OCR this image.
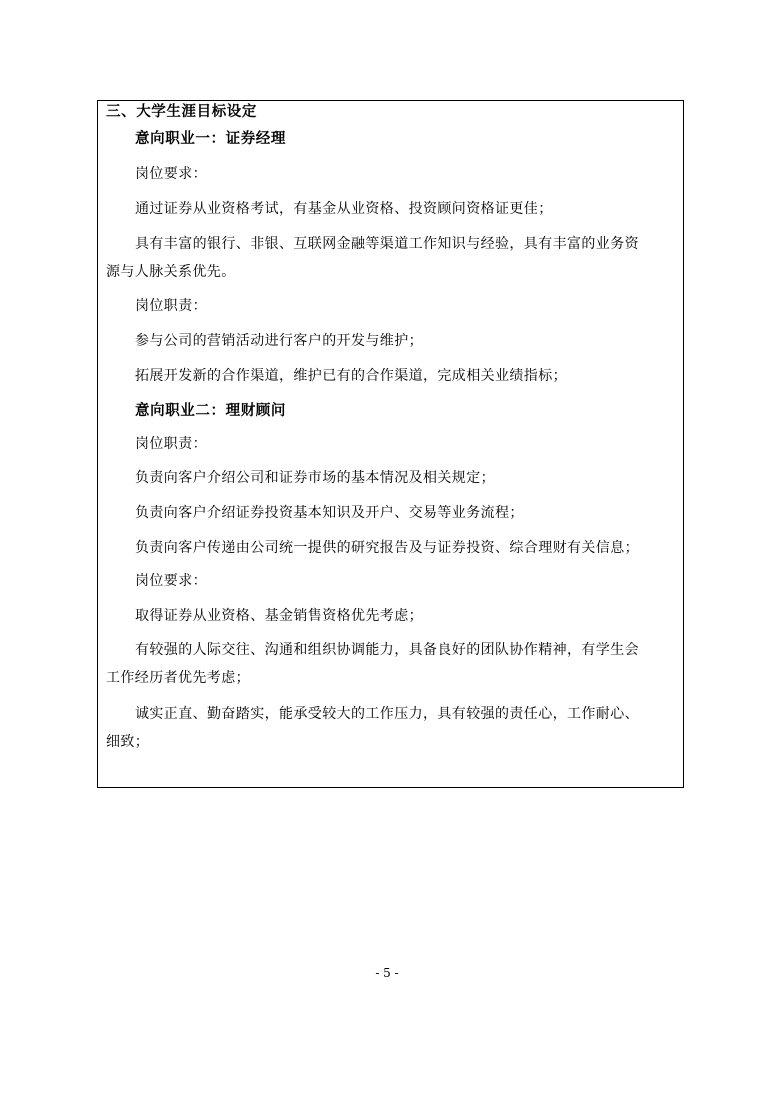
三、大学生涯目标设定
意向职业一：证券经理
岗位要求：
通过证券从业资格考试，有基金从业资格、投资顾问资格证更佳；
具有丰富的银行、非银、互联网金融等渠道工作知识与经验，具有丰富的业务资
源与人脉关系优先。
岗位职责：
参与公司的营销活动进行客户的开发与维护；
拓展开发新的合作渠道，维护已有的合作渠道，完成相关业绩指标；
意向职业二：理财顾问
岗位职责：
负责向客户介绍公司和证券市场的基本情况及相关规定；
负责向客户介绍证券投资基本知识及开户、交易等业务流程；
负责向客户传递由公司统一提供的研究报告及与证券投资、综合理财有关信息；
岗位要求：
取得证券从业资格、基金销售资格优先考虑；
有较强的人际交往、沟通和组织协调能力，具备良好的团队协作精神，有学生会
工作经历者优先考虑；
诚实正直、勤奋踏实，能承受较大的工作压力，具有较强的责任心，工作耐心、
细致；
- 5 -
